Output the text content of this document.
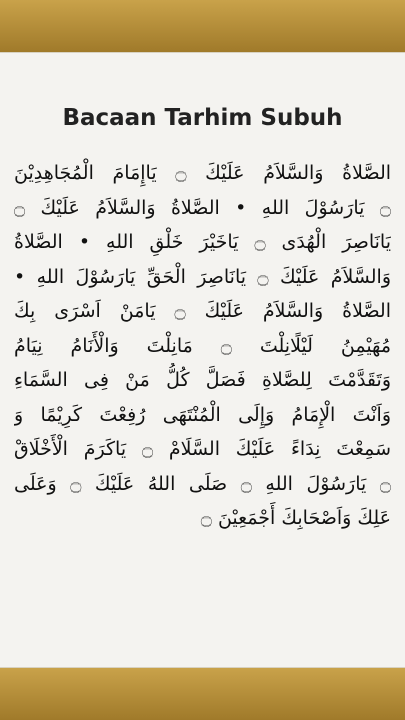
Bacaan Tarhim Subuh
الصَّلاةُ وَالسَّلاَمُ عَلَيْكَ ۝ يَاإِمَامَ الْمُجَاهِدِيْنَ
۝ يَارَسُوْلَ اللهِ • الصَّلاةُ وَالسَّلاَمُ عَلَيْكَ ۝
يَانَاصِرَ الْهُدَى ۝ يَاخَيْرَ خَلْقِ اللهِ • الصَّلاةُ
وَالسَّلاَمُ عَلَيْكَ ۝ يَانَاصِرَ الْحَقِّ يَارَسُوْلَ اللهِ •
الصَّلاةُ وَالسَّلاَمُ عَلَيْكَ ۝ يَامَنْ اَسْرَى بِكَ
مُهَيْمِنُ لَيْلًانِلْتَ ۝ مَانِلْتَ وَالْأَنَامُ نِيَامُ
وَتَقَدَّمْتَ لِلصَّلاةِ فَصَلَّ كُلُّ مَنْ فِى السَّمَاءِ
وَاَنْتَ الْإِمَامُ وَإِلَى الْمُنْتَهَى رُفِعْتَ كَرِيْمًا وَ
سَمِعْتَ نِدَاءً عَلَيْكَ السَّلَامْ ۝ يَاكَرَمَ الْأَخْلَاقْ
۝ يَارَسُوْلَ اللهِ ۝ صَلَى اللهُ عَلَيْكَ ۝ وَعَلَى
عَلِكَ وَاَصْحَابِكَ أَجْمَعِيْنَ ۝
